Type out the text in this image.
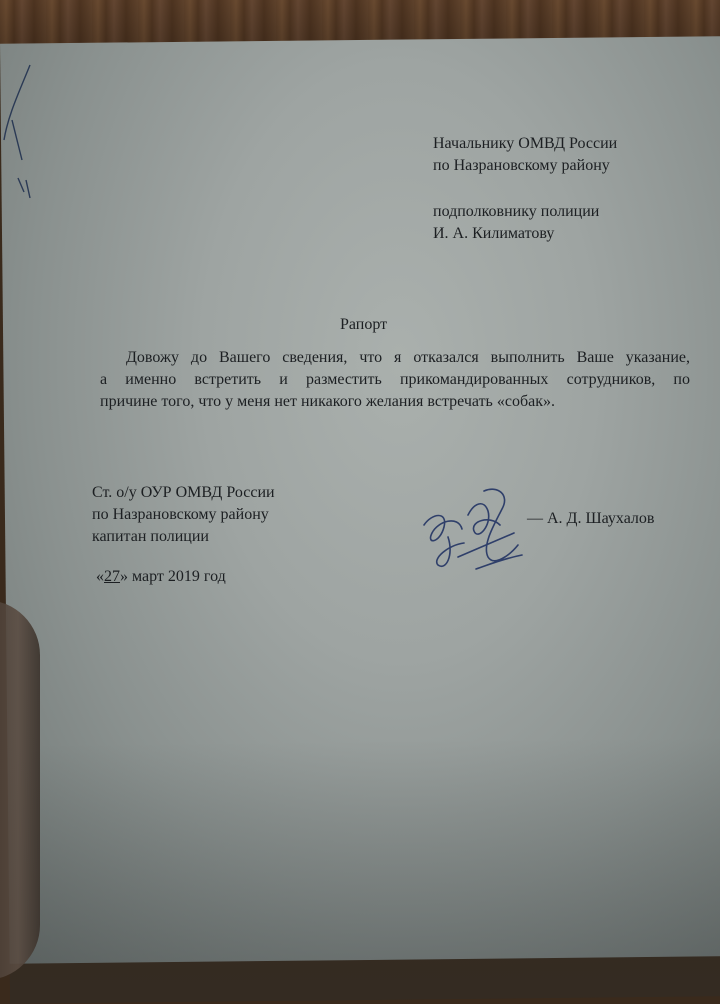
Начальнику ОМВД России
по Назрановскому району
подполковнику полиции
И. А. Килиматову
Рапорт
Довожу до Вашего сведения, что я отказался выполнить Ваше указание,
а именно встретить и разместить прикомандированных сотрудников, по
причине того, что у меня нет никакого желания встречать «собак».
Ст. о/у ОУР ОМВД России
по Назрановскому району
капитан полиции
«27» март 2019 год
— А. Д. Шаухалов
